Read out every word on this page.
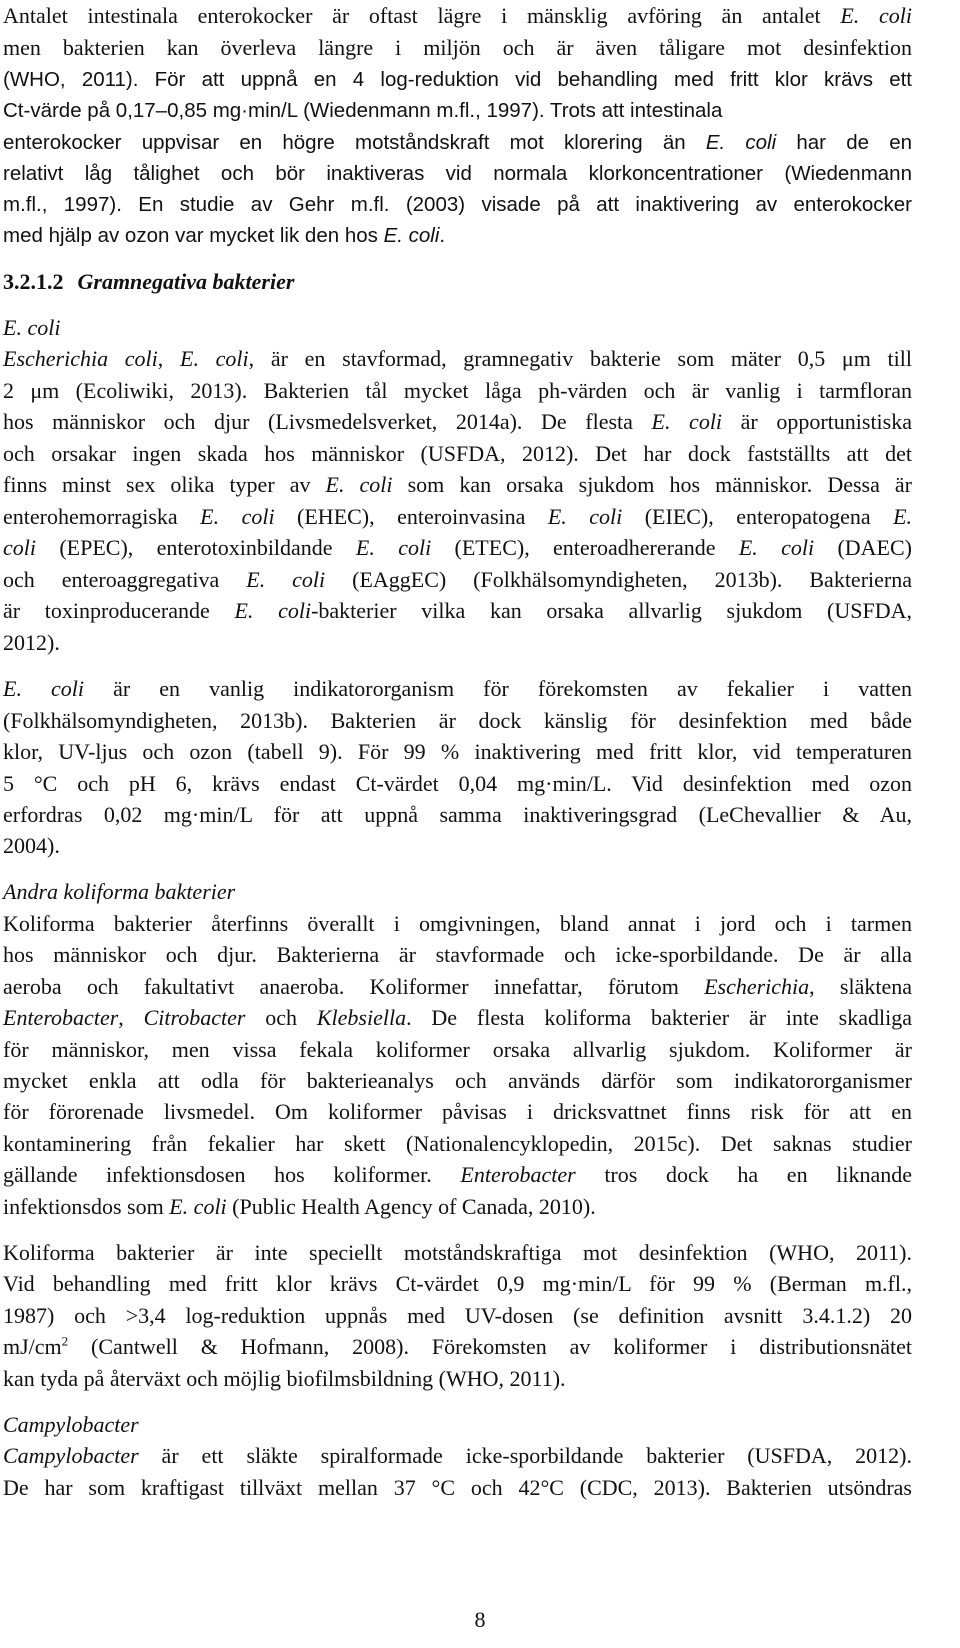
Antalet intestinala enterokocker är oftast lägre i mänsklig avföring än antalet E. coli
men bakterien kan överleva längre i miljön och är även tåligare mot desinfektion
(WHO, 2011). För att uppnå en 4 log-reduktion vid behandling med fritt klor krävs ett
Ct-värde på 0,17–0,85 mg·min/L (Wiedenmann m.fl., 1997). Trots att intestinala
enterokocker uppvisar en högre motståndskraft mot klorering än E. coli har de en
relativt låg tålighet och bör inaktiveras vid normala klorkoncentrationer (Wiedenmann
m.fl., 1997). En studie av Gehr m.fl. (2003) visade på att inaktivering av enterokocker
med hjälp av ozon var mycket lik den hos E. coli.
3.2.1.2 Gramnegativa bakterier
E. coli
Escherichia coli, E. coli, är en stavformad, gramnegativ bakterie som mäter 0,5 μm till
2 μm (Ecoliwiki, 2013). Bakterien tål mycket låga ph-värden och är vanlig i tarmfloran
hos människor och djur (Livsmedelsverket, 2014a). De flesta E. coli är opportunistiska
och orsakar ingen skada hos människor (USFDA, 2012). Det har dock fastställts att det
finns minst sex olika typer av E. coli som kan orsaka sjukdom hos människor. Dessa är
enterohemorragiska E. coli (EHEC), enteroinvasina E. coli (EIEC), enteropatogena E.
coli (EPEC), enterotoxinbildande E. coli (ETEC), enteroadhererande E. coli (DAEC)
och enteroaggregativa E. coli (EAggEC) (Folkhälsomyndigheten, 2013b). Bakterierna
är toxinproducerande E. coli-bakterier vilka kan orsaka allvarlig sjukdom (USFDA,
2012).
E. coli är en vanlig indikatororganism för förekomsten av fekalier i vatten
(Folkhälsomyndigheten, 2013b). Bakterien är dock känslig för desinfektion med både
klor, UV-ljus och ozon (tabell 9). För 99 % inaktivering med fritt klor, vid temperaturen
5 °C och pH 6, krävs endast Ct-värdet 0,04 mg·min/L. Vid desinfektion med ozon
erfordras 0,02 mg·min/L för att uppnå samma inaktiveringsgrad (LeChevallier & Au,
2004).
Andra koliforma bakterier
Koliforma bakterier återfinns överallt i omgivningen, bland annat i jord och i tarmen
hos människor och djur. Bakterierna är stavformade och icke-sporbildande. De är alla
aeroba och fakultativt anaeroba. Koliformer innefattar, förutom Escherichia, släktena
Enterobacter, Citrobacter och Klebsiella. De flesta koliforma bakterier är inte skadliga
för människor, men vissa fekala koliformer orsaka allvarlig sjukdom. Koliformer är
mycket enkla att odla för bakterieanalys och används därför som indikatororganismer
för förorenade livsmedel. Om koliformer påvisas i dricksvattnet finns risk för att en
kontaminering från fekalier har skett (Nationalencyklopedin, 2015c). Det saknas studier
gällande infektionsdosen hos koliformer. Enterobacter tros dock ha en liknande
infektionsdos som E. coli (Public Health Agency of Canada, 2010).
Koliforma bakterier är inte speciellt motståndskraftiga mot desinfektion (WHO, 2011).
Vid behandling med fritt klor krävs Ct-värdet 0,9 mg·min/L för 99 % (Berman m.fl.,
1987) och >3,4 log-reduktion uppnås med UV-dosen (se definition avsnitt 3.4.1.2) 20
$mJ/cm^2$ (Cantwell & Hofmann, 2008). Förekomsten av koliformer i distributionsnätet
kan tyda på återväxt och möjlig biofilmsbildning (WHO, 2011).
Campylobacter
Campylobacter är ett släkte spiralformade icke-sporbildande bakterier (USFDA, 2012).
De har som kraftigast tillväxt mellan 37 °C och 42°C (CDC, 2013). Bakterien utsöndras
8
